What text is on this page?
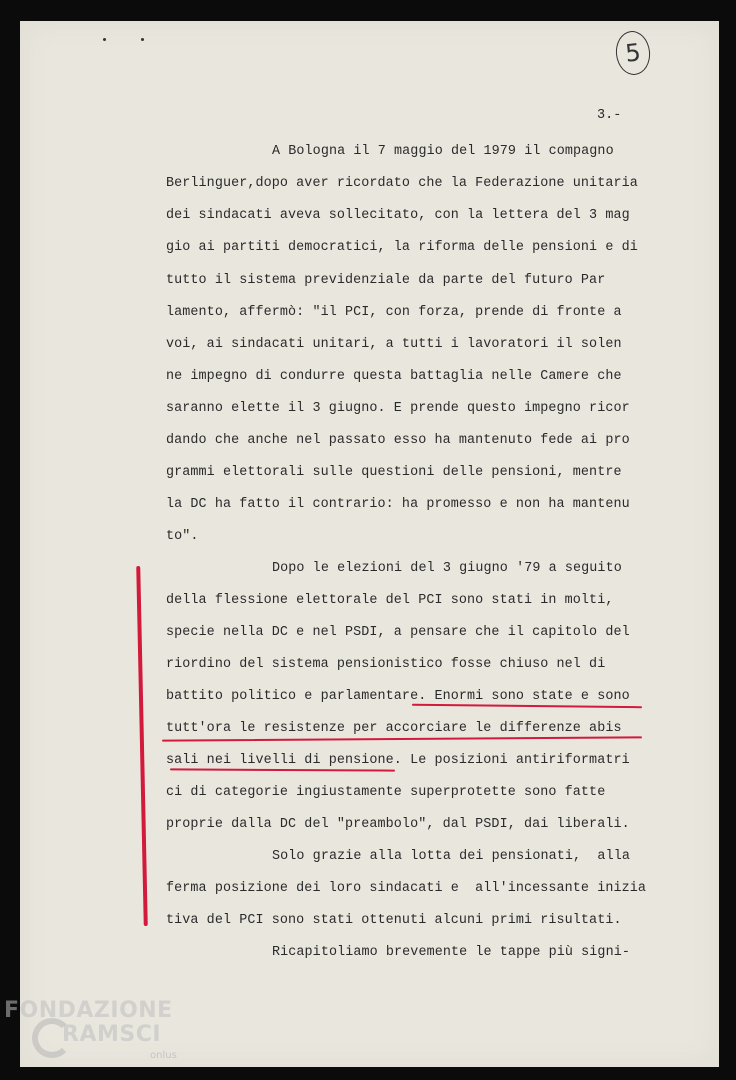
5
3.-
A Bologna il 7 maggio del 1979 il compagno
Berlinguer,dopo aver ricordato che la Federazione unitaria
dei sindacati aveva sollecitato, con la lettera del 3 mag
gio ai partiti democratici, la riforma delle pensioni e di
tutto il sistema previdenziale da parte del futuro Par
lamento, affermò: "il PCI, con forza, prende di fronte a
voi, ai sindacati unitari, a tutti i lavoratori il solen
ne impegno di condurre questa battaglia nelle Camere che
saranno elette il 3 giugno. E prende questo impegno ricor
dando che anche nel passato esso ha mantenuto fede ai pro
grammi elettorali sulle questioni delle pensioni, mentre
la DC ha fatto il contrario: ha promesso e non ha mantenu
to".
Dopo le elezioni del 3 giugno '79 a seguito
della flessione elettorale del PCI sono stati in molti,
specie nella DC e nel PSDI, a pensare che il capitolo del
riordino del sistema pensionistico fosse chiuso nel di
battito politico e parlamentare. Enormi sono state e sono
tutt'ora le resistenze per accorciare le differenze abis
sali nei livelli di pensione. Le posizioni antiriformatri
ci di categorie ingiustamente superprotette sono fatte
proprie dalla DC del "preambolo", dal PSDI, dai liberali.
Solo grazie alla lotta dei pensionati,  alla
ferma posizione dei loro sindacati e  all'incessante inizia
tiva del PCI sono stati ottenuti alcuni primi risultati.
Ricapitoliamo brevemente le tappe più signi-
FONDAZIONE
RAMSCI
onlus
